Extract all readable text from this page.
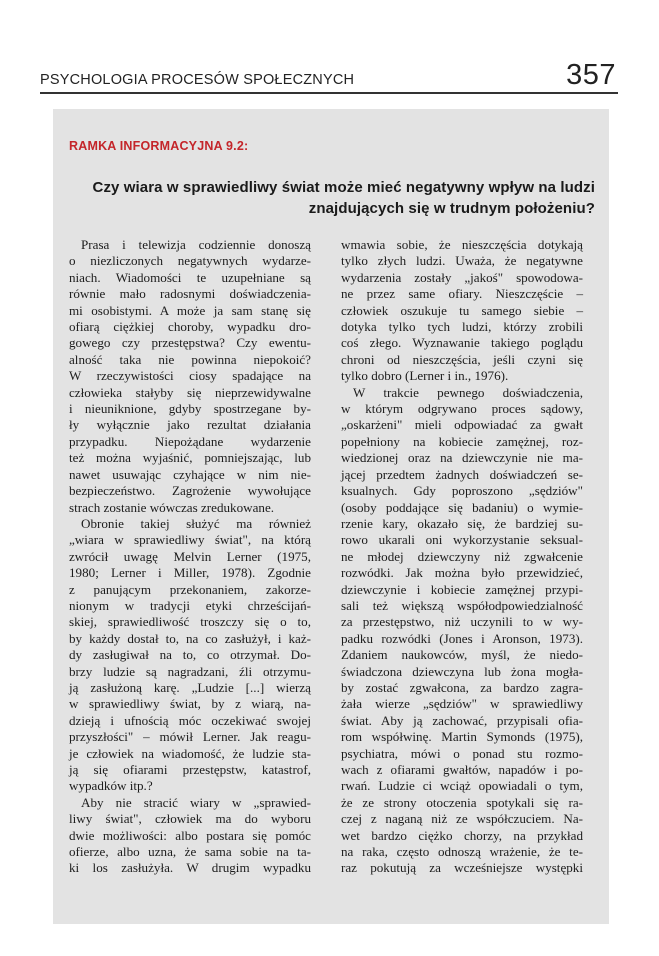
PSYCHOLOGIA PROCESÓW SPOŁECZNYCH	357
RAMKA INFORMACYJNA 9.2:
Czy wiara w sprawiedliwy świat może mieć negatywny wpływ na ludzi
znajdujących się w trudnym położeniu?
Prasa i telewizja codziennie donoszą
o niezliczonych negatywnych wydarze-
niach. Wiadomości te uzupełniane są
równie mało radosnymi doświadczenia-
mi osobistymi. A może ja sam stanę się
ofiarą ciężkiej choroby, wypadku dro-
gowego czy przestępstwa? Czy ewentu-
alność taka nie powinna niepokoić?
W rzeczywistości ciosy spadające na
człowieka stałyby się nieprzewidywalne
i nieuniknione, gdyby spostrzegane by-
ły wyłącznie jako rezultat działania
przypadku. Niepożądane wydarzenie
też można wyjaśnić, pomniejszając, lub
nawet usuwając czyhające w nim nie-
bezpieczeństwo. Zagrożenie wywołujące
strach zostanie wówczas zredukowane.
Obronie takiej służyć ma również
„wiara w sprawiedliwy świat", na którą
zwrócił uwagę Melvin Lerner (1975,
1980; Lerner i Miller, 1978). Zgodnie
z panującym przekonaniem, zakorze-
nionym w tradycji etyki chrześcijań-
skiej, sprawiedliwość troszczy się o to,
by każdy dostał to, na co zasłużył, i każ-
dy zasługiwał na to, co otrzymał. Do-
brzy ludzie są nagradzani, źli otrzymu-
ją zasłużoną karę. „Ludzie [...] wierzą
w sprawiedliwy świat, by z wiarą, na-
dzieją i ufnością móc oczekiwać swojej
przyszłości" – mówił Lerner. Jak reagu-
je człowiek na wiadomość, że ludzie sta-
ją się ofiarami przestępstw, katastrof,
wypadków itp.?
Aby nie stracić wiary w „sprawied-
liwy świat", człowiek ma do wyboru
dwie możliwości: albo postara się pomóc
ofierze, albo uzna, że sama sobie na ta-
ki los zasłużyła. W drugim wypadku
wmawia sobie, że nieszczęścia dotykają
tylko złych ludzi. Uważa, że negatywne
wydarzenia zostały „jakoś" spowodowa-
ne przez same ofiary. Nieszczęście –
człowiek oszukuje tu samego siebie –
dotyka tylko tych ludzi, którzy zrobili
coś złego. Wyznawanie takiego poglądu
chroni od nieszczęścia, jeśli czyni się
tylko dobro (Lerner i in., 1976).
W trakcie pewnego doświadczenia,
w którym odgrywano proces sądowy,
„oskarżeni" mieli odpowiadać za gwałt
popełniony na kobiecie zamężnej, roz-
wiedzionej oraz na dziewczynie nie ma-
jącej przedtem żadnych doświadczeń se-
ksualnych. Gdy poproszono „sędziów"
(osoby poddające się badaniu) o wymie-
rzenie kary, okazało się, że bardziej su-
rowo ukarali oni wykorzystanie seksual-
ne młodej dziewczyny niż zgwałcenie
rozwódki. Jak można było przewidzieć,
dziewczynie i kobiecie zamężnej przypi-
sali też większą współodpowiedzialność
za przestępstwo, niż uczynili to w wy-
padku rozwódki (Jones i Aronson, 1973).
Zdaniem naukowców, myśl, że niedo-
świadczona dziewczyna lub żona mogła-
by zostać zgwałcona, za bardzo zagra-
żała wierze „sędziów" w sprawiedliwy
świat. Aby ją zachować, przypisali ofia-
rom współwinę. Martin Symonds (1975),
psychiatra, mówi o ponad stu rozmo-
wach z ofiarami gwałtów, napadów i po-
rwań. Ludzie ci wciąż opowiadali o tym,
że ze strony otoczenia spotykali się ra-
czej z naganą niż ze współczuciem. Na-
wet bardzo ciężko chorzy, na przykład
na raka, często odnoszą wrażenie, że te-
raz pokutują za wcześniejsze występki
